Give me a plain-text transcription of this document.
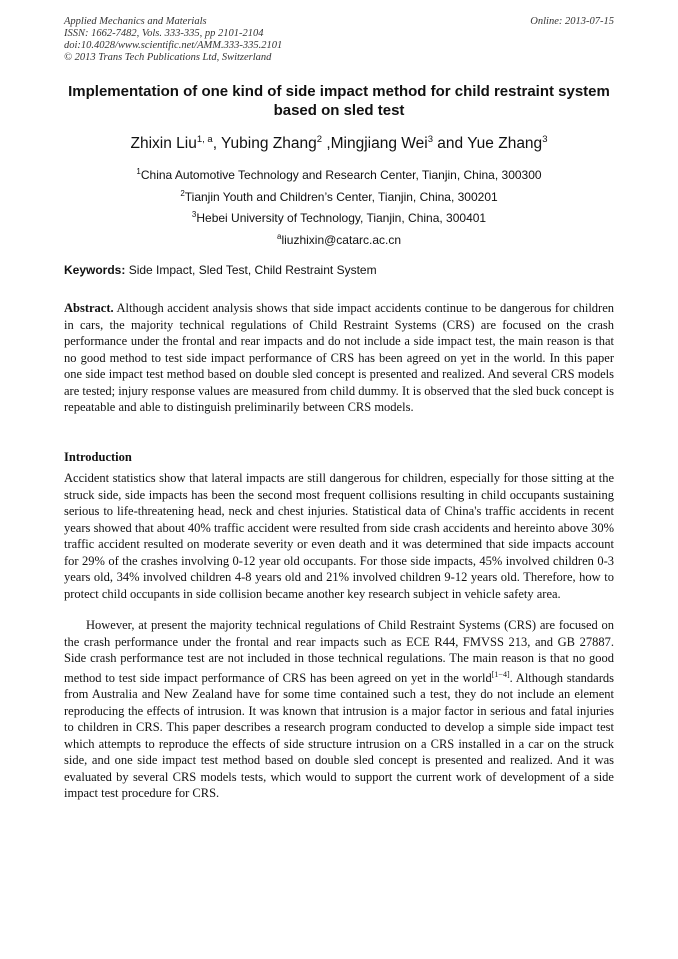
Applied Mechanics and Materials
ISSN: 1662-7482, Vols. 333-335, pp 2101-2104
doi:10.4028/www.scientific.net/AMM.333-335.2101
© 2013 Trans Tech Publications Ltd, Switzerland
Online: 2013-07-15
Implementation of one kind of side impact method for child restraint system based on sled test
Zhixin Liu$^{1, a}$, Yubing Zhang$^2$ ,Mingjiang Wei$^3$ and Yue Zhang$^3$
$^1$China Automotive Technology and Research Center, Tianjin, China, 300300
$^2$Tianjin Youth and Children’s Center, Tianjin, China, 300201
$^3$Hebei University of Technology, Tianjin, China, 300401
$^a$liuzhixin@catarc.ac.cn
Keywords: Side Impact, Sled Test, Child Restraint System
Abstract. Although accident analysis shows that side impact accidents continue to be dangerous for children in cars, the majority technical regulations of Child Restraint Systems (CRS) are focused on the crash performance under the frontal and rear impacts and do not include a side impact test, the main reason is that no good method to test side impact performance of CRS has been agreed on yet in the world. In this paper one side impact test method based on double sled concept is presented and realized. And several CRS models are tested; injury response values are measured from child dummy. It is observed that the sled buck concept is repeatable and able to distinguish preliminarily between CRS models.
Introduction
Accident statistics show that lateral impacts are still dangerous for children, especially for those sitting at the struck side, side impacts has been the second most frequent collisions resulting in child occupants sustaining serious to life-threatening head, neck and chest injuries. Statistical data of China's traffic accidents in recent years showed that about 40% traffic accident were resulted from side crash accidents and hereinto above 30% traffic accident resulted on moderate severity or even death and it was determined that side impacts account for 29% of the crashes involving 0-12 year old occupants. For those side impacts, 45% involved children 0-3 years old, 34% involved children 4-8 years old and 21% involved children 9-12 years old. Therefore, how to protect child occupants in side collision became another key research subject in vehicle safety area.
However, at present the majority technical regulations of Child Restraint Systems (CRS) are focused on the crash performance under the frontal and rear impacts such as ECE R44, FMVSS 213, and GB 27887. Side crash performance test are not included in those technical regulations. The main reason is that no good method to test side impact performance of CRS has been agreed on yet in the world[1−4]. Although standards from Australia and New Zealand have for some time contained such a test, they do not include an element reproducing the effects of intrusion. It was known that intrusion is a major factor in serious and fatal injuries to children in CRS. This paper describes a research program conducted to develop a simple side impact test which attempts to reproduce the effects of side structure intrusion on a CRS installed in a car on the struck side, and one side impact test method based on double sled concept is presented and realized. And it was evaluated by several CRS models tests, which would to support the current work of development of a side impact test procedure for CRS.
